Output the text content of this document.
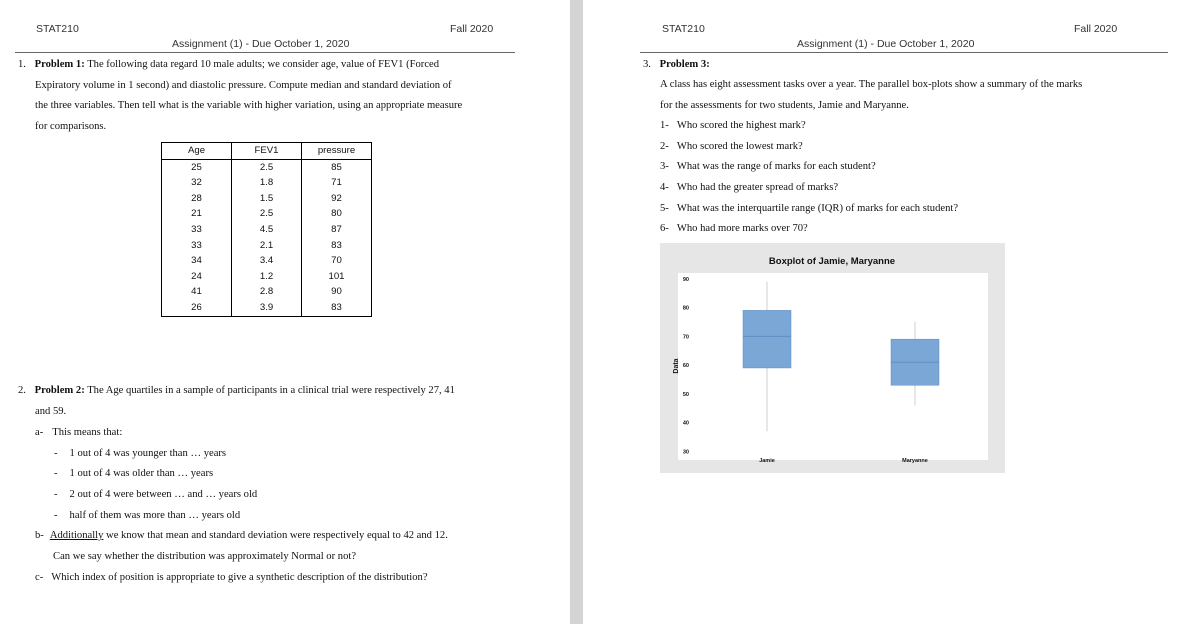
STAT210	Fall 2020
Assignment (1) - Due October 1, 2020
1. Problem 1: The following data regard 10 male adults; we consider age, value of FEV1 (Forced
Expiratory volume in 1 second) and diastolic pressure. Compute median and standard deviation of
the three variables. Then tell what is the variable with higher variation, using an appropriate measure
for comparisons.
Age	FEV1	pressure
25	2.5	85
32	1.8	71
28	1.5	92
21	2.5	80
33	4.5	87
33	2.1	83
34	3.4	70
24	1.2	101
41	2.8	90
26	3.9	83
2. Problem 2: The Age quartiles in a sample of participants in a clinical trial were respectively 27, 41
and 59.
a- This means that:
- 1 out of 4 was younger than … years
- 1 out of 4 was older than … years
- 2 out of 4 were between … and … years old
- half of them was more than … years old
b- Additionally we know that mean and standard deviation were respectively equal to 42 and 12.
Can we say whether the distribution was approximately Normal or not?
c- Which index of position is appropriate to give a synthetic description of the distribution?
STAT210	Fall 2020
Assignment (1) - Due October 1, 2020
3. Problem 3:
A class has eight assessment tasks over a year. The parallel box-plots show a summary of the marks
for the assessments for two students, Jamie and Maryanne.
1- Who scored the highest mark?
2- Who scored the lowest mark?
3- What was the range of marks for each student?
4- Who had the greater spread of marks?
5- What was the interquartile range (IQR) of marks for each student?
6- Who had more marks over 70?
Boxplot of Jamie, Maryanne
Data
90
80
70
60
50
40
30
Jamie	Maryanne
